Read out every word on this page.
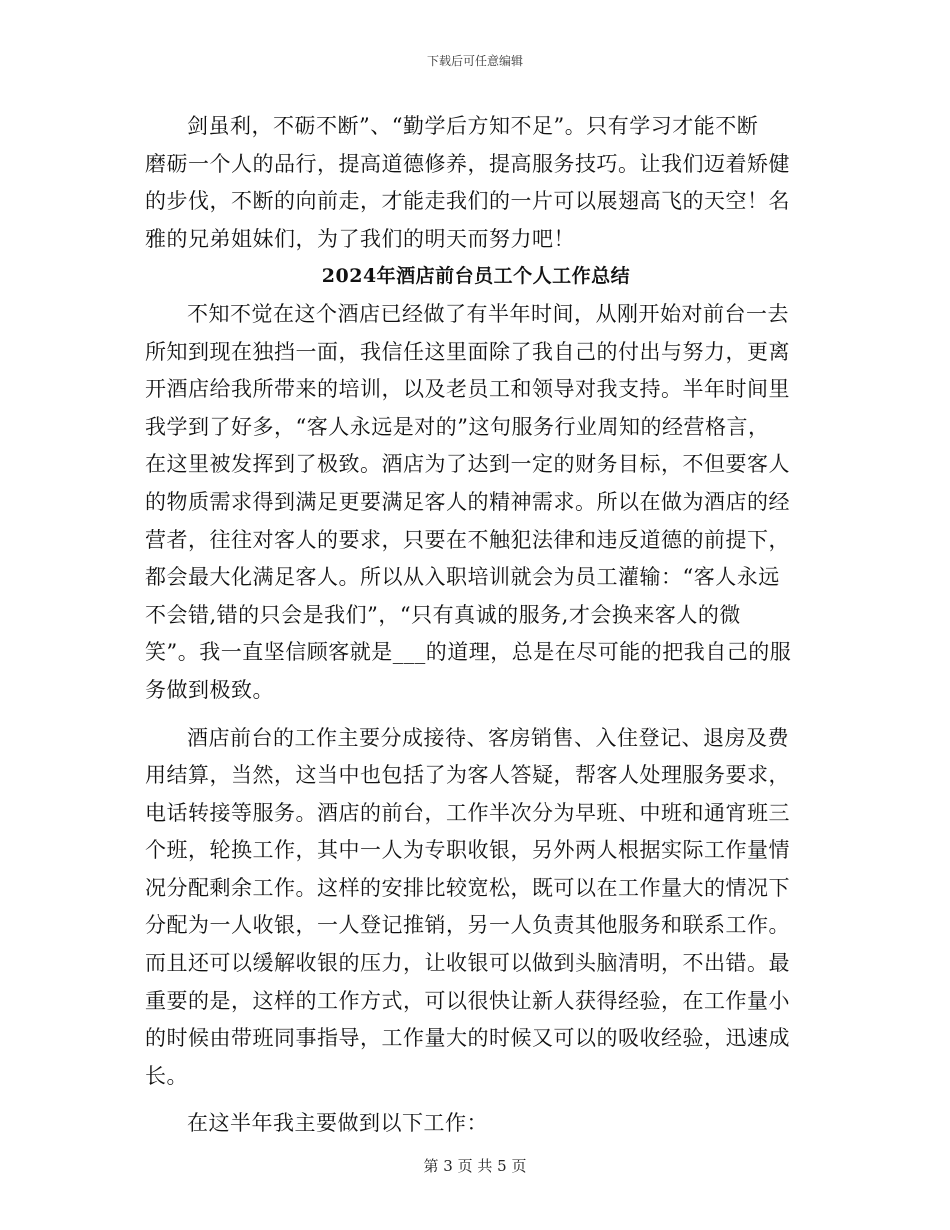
下载后可任意编辑
剑虽利，不砺不断”、“勤学后方知不足”。只有学习才能不断
磨砺一个人的品行，提高道德修养，提高服务技巧。让我们迈着矫健
的步伐，不断的向前走，才能走我们的一片可以展翅高飞的天空！名
雅的兄弟姐妹们，为了我们的明天而努力吧！
2024年酒店前台员工个人工作总结
不知不觉在这个酒店已经做了有半年时间，从刚开始对前台一去
所知到现在独挡一面，我信任这里面除了我自己的付出与努力，更离
开酒店给我所带来的培训，以及老员工和领导对我支持。半年时间里
我学到了好多，“客人永远是对的”这句服务行业周知的经营格言，
在这里被发挥到了极致。酒店为了达到一定的财务目标，不但要客人
的物质需求得到满足更要满足客人的精神需求。所以在做为酒店的经
营者，往往对客人的要求，只要在不触犯法律和违反道德的前提下，
都会最大化满足客人。所以从入职培训就会为员工灌输：“客人永远
不会错,错的只会是我们”，“只有真诚的服务,才会换来客人的微
笑”。我一直坚信顾客就是___的道理，总是在尽可能的把我自己的服
务做到极致。
酒店前台的工作主要分成接待、客房销售、入住登记、退房及费
用结算，当然，这当中也包括了为客人答疑，帮客人处理服务要求，
电话转接等服务。酒店的前台，工作半次分为早班、中班和通宵班三
个班，轮换工作，其中一人为专职收银，另外两人根据实际工作量情
况分配剩余工作。这样的安排比较宽松，既可以在工作量大的情况下
分配为一人收银，一人登记推销，另一人负责其他服务和联系工作。
而且还可以缓解收银的压力，让收银可以做到头脑清明，不出错。最
重要的是，这样的工作方式，可以很快让新人获得经验，在工作量小
的时候由带班同事指导，工作量大的时候又可以的吸收经验，迅速成
长。
在这半年我主要做到以下工作：
第 3 页 共 5 页
